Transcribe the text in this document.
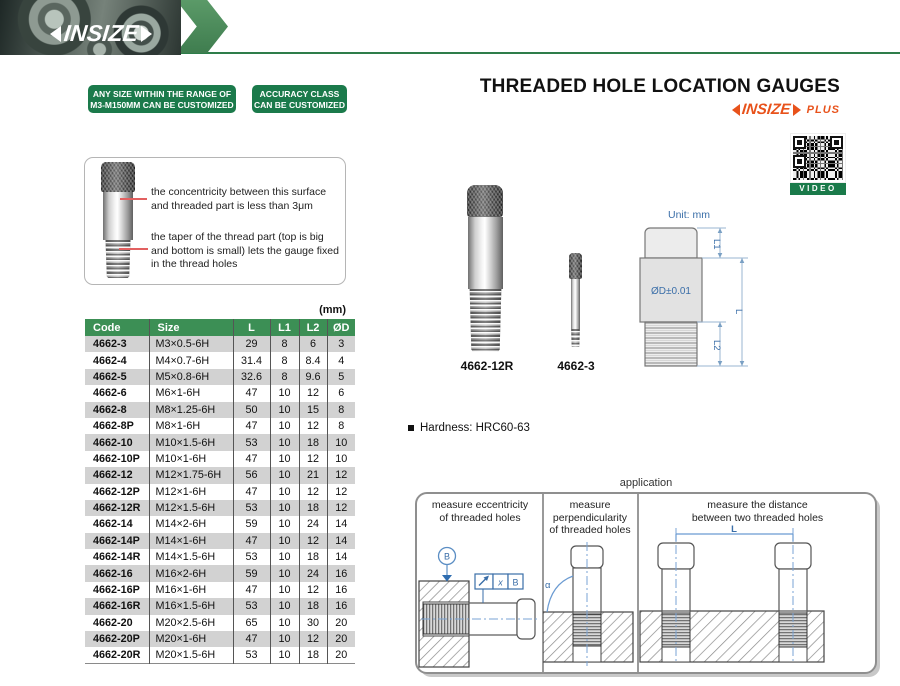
INSIZE
ANY SIZE WITHIN THE RANGE OF
M3-M150MM CAN BE CUSTOMIZED
ACCURACY CLASS
CAN BE CUSTOMIZED
THREADED HOLE LOCATION GAUGES
INSIZE PLUS
VIDEO
the concentricity between this surface
and threaded part is less than 3μm
the taper of the thread part (top is big
and bottom is small) lets the gauge fixed
in the thread holes
(mm)
Code	Size	L	L1	L2	ØD
4662-3	M3×0.5-6H	29	8	6	3
4662-4	M4×0.7-6H	31.4	8	8.4	4
4662-5	M5×0.8-6H	32.6	8	9.6	5
4662-6	M6×1-6H	47	10	12	6
4662-8	M8×1.25-6H	50	10	15	8
4662-8P	M8×1-6H	47	10	12	8
4662-10	M10×1.5-6H	53	10	18	10
4662-10P	M10×1-6H	47	10	12	10
4662-12	M12×1.75-6H	56	10	21	12
4662-12P	M12×1-6H	47	10	12	12
4662-12R	M12×1.5-6H	53	10	18	12
4662-14	M14×2-6H	59	10	24	14
4662-14P	M14×1-6H	47	10	12	14
4662-14R	M14×1.5-6H	53	10	18	14
4662-16	M16×2-6H	59	10	24	16
4662-16P	M16×1-6H	47	10	12	16
4662-16R	M16×1.5-6H	53	10	18	16
4662-20	M20×2.5-6H	65	10	30	20
4662-20P	M20×1-6H	47	10	12	20
4662-20R	M20×1.5-6H	53	10	18	20
4662-12R	4662-3
Unit: mm
ØD±0.01
L1
L
L2
Hardness: HRC60-63
application
measure eccentricity
of threaded holes
measure
perpendicularity
of threaded holes
measure the distance
between two threaded holes
B
x B	α
L
